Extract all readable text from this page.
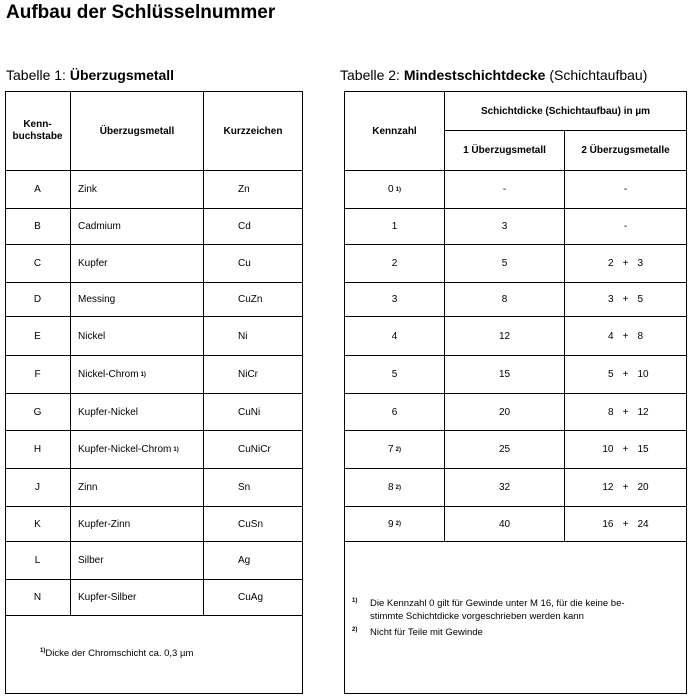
Aufbau der Schlüsselnummer
Tabelle 1: Überzugsmetall	Tabelle 2: Mindestschichtdecke (Schichtaufbau)
Kenn-
buchstabe	Überzugsmetall	Kurzzeichen
A	Zink	Zn
B	Cadmium	Cd
C	Kupfer	Cu
D	Messing	CuZn
E	Nickel	Ni
F	Nickel-Chrom 1)	NiCr
G	Kupfer-Nickel	CuNi
H	Kupfer-Nickel-Chrom 1)	CuNiCr
J	Zinn	Sn
K	Kupfer-Zinn	CuSn
L	Silber	Ag
N	Kupfer-Silber	CuAg
$^{1)}$Dicke der Chromschicht ca. 0,3 µm
Kennzahl
Schichtdicke (Schichtaufbau) in µm
1 Überzugsmetall	2 Überzugsmetalle
0 1)	-	-
1	3	-
2	5	2 + 3
3	8	3 + 5
4	12	4 + 8
5	15	5 + 10
6	20	8 + 12
7 2)	25	10 + 15
8 2)	32	12 + 20
9 2)	40	16 + 24
1) Die Kennzahl 0 gilt für Gewinde unter M 16, für die keine be-
stimmte Schichtdicke vorgeschrieben werden kann
2) Nicht für Teile mit Gewinde
